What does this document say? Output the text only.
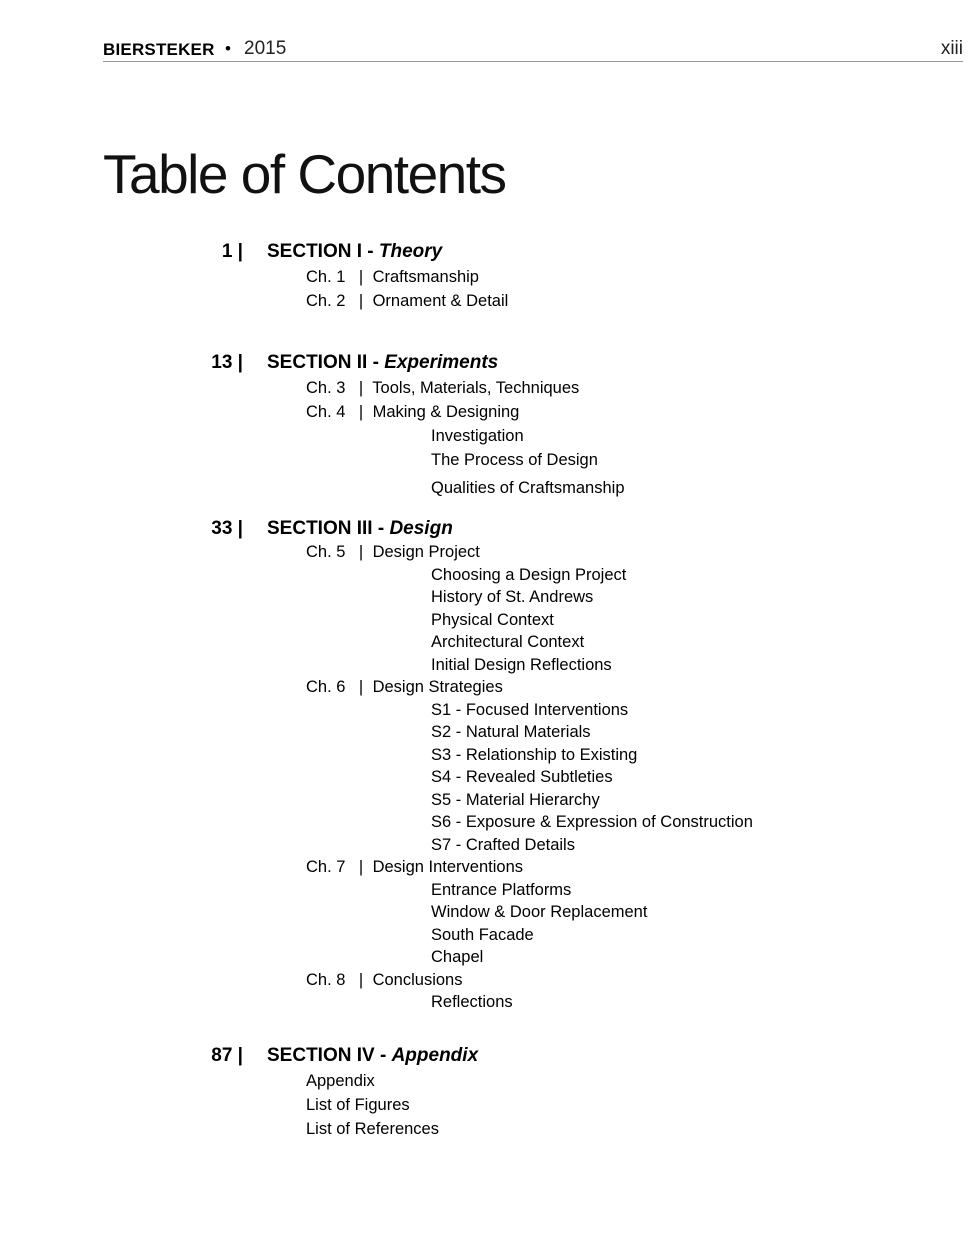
BIERSTEKER • 2015	xiii
Table of Contents
1 | SECTION I - Theory
Ch. 1 | Craftsmanship
Ch. 2 | Ornament & Detail
13 | SECTION II - Experiments
Ch. 3 | Tools, Materials, Techniques
Ch. 4 | Making & Designing
Investigation
The Process of Design
Qualities of Craftsmanship
33 | SECTION III - Design
Ch. 5 | Design Project
Choosing a Design Project
History of St. Andrews
Physical Context
Architectural Context
Initial Design Reflections
Ch. 6 | Design Strategies
S1 - Focused Interventions
S2 - Natural Materials
S3 - Relationship to Existing
S4 - Revealed Subtleties
S5 - Material Hierarchy
S6 - Exposure & Expression of Construction
S7 - Crafted Details
Ch. 7 | Design Interventions
Entrance Platforms
Window & Door Replacement
South Facade
Chapel
Ch. 8 | Conclusions
Reflections
87 | SECTION IV - Appendix
Appendix
List of Figures
List of References
